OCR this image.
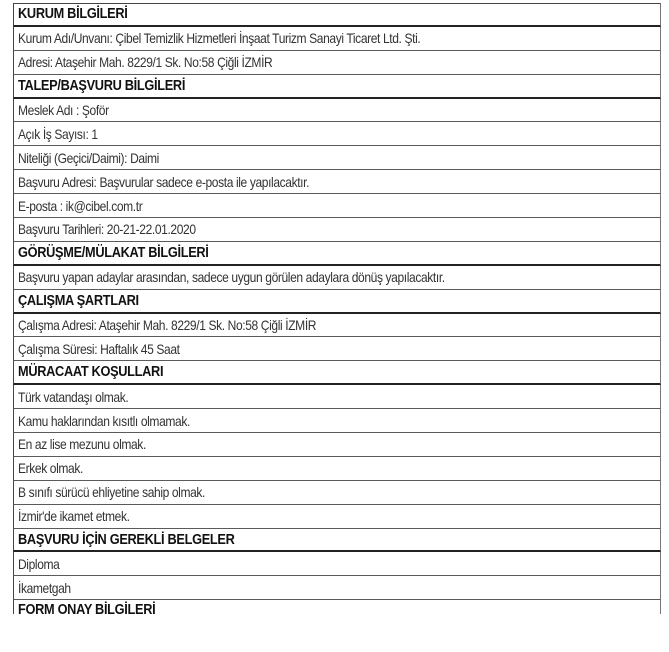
KURUM BİLGİLERİ
Kurum Adı/Unvanı: Çibel Temizlik Hizmetleri İnşaat Turizm Sanayi Ticaret Ltd. Şti.
Adresi: Ataşehir Mah. 8229/1 Sk. No:58 Çiğli İZMİR
TALEP/BAŞVURU BİLGİLERİ
Meslek Adı : Şoför
Açık İş Sayısı: 1
Niteliği (Geçici/Daimi): Daimi
Başvuru Adresi: Başvurular sadece e-posta ile yapılacaktır.
E-posta : ik@cibel.com.tr
Başvuru Tarihleri: 20-21-22.01.2020
GÖRÜŞME/MÜLAKAT BİLGİLERİ
Başvuru yapan adaylar arasından, sadece uygun görülen adaylara dönüş yapılacaktır.
ÇALIŞMA ŞARTLARI
Çalışma Adresi: Ataşehir Mah. 8229/1 Sk. No:58 Çiğli İZMİR
Çalışma Süresi: Haftalık 45 Saat
MÜRACAAT KOŞULLARI
Türk vatandaşı olmak.
Kamu haklarından kısıtlı olmamak.
En az lise mezunu olmak.
Erkek olmak.
B sınıfı sürücü ehliyetine sahip olmak.
İzmir'de ikamet etmek.
BAŞVURU İÇİN GEREKLİ BELGELER
Diploma
İkametgah
FORM ONAY BİLGİLERİ
